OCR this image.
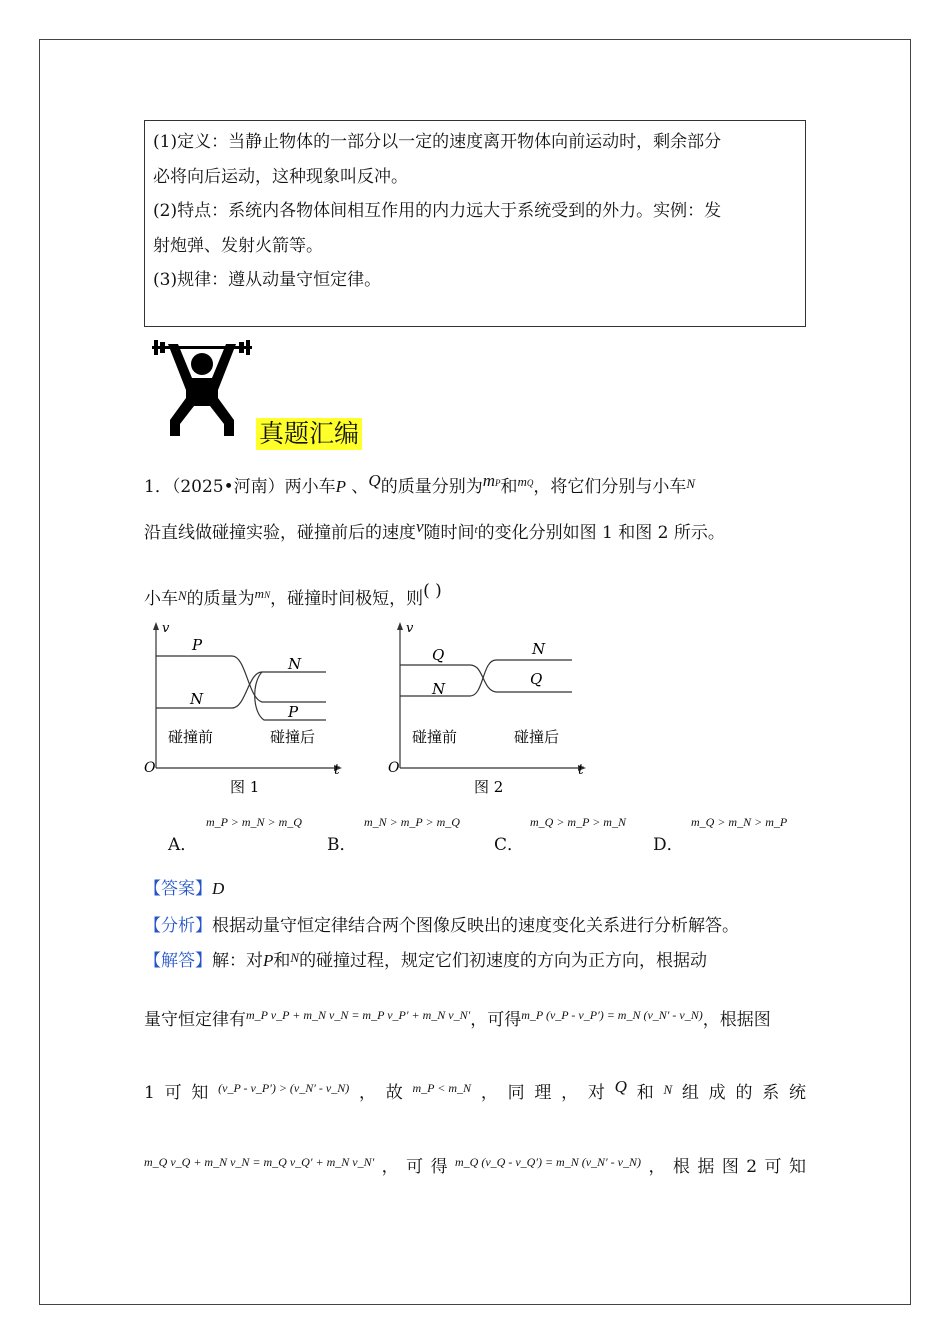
(1)定义：当静止物体的一部分以一定的速度离开物体向前运动时，剩余部分

必将向后运动，这种现象叫反冲。

(2)特点：系统内各物体间相互作用的内力远大于系统受到的外力。实例：发

射炮弹、发射火箭等。

(3)规律：遵从动量守恒定律。

真题汇编
1．（2025•河南）两小车P 、Q的质量分别为mP和$^{mQ}$，将它们分别与小车$^N$
沿直线做碰撞实验，碰撞前后的速度v随时间$^t$的变化分别如图 1 和图 2 所示。
小车$^N$的质量为$^{mN}$，碰撞时间极短，则( )
v
t
O
P
N
N
P
碰撞前	碰撞后
图 1
v
t
O
Q
N
N
Q
碰撞前	碰撞后
图 2
A．
m_P > m_N > m_Q
B．
m_N > m_P > m_Q
C．
m_Q > m_P > m_N
D．
m_Q > m_N > m_P
【答案】D
【分析】根据动量守恒定律结合两个图像反映出的速度变化关系进行分析解答。
【解答】解：对P和$^N$的碰撞过程，规定它们初速度的方向为正方向，根据动
量守恒定律有$^{m\_P v\_P + m\_N v\_N = m\_P v\_P' + m\_N v\_N'}$，可得$^{m\_P (v\_P - v\_P') = m\_N (v\_N' - v\_N)}$，根据图
1 可 知 (v_P - v_P′) > (v_N′ - v_N) ， 故 m_P < m_N ， 同 理 ， 对 Q 和 N 组 成 的 系 统
m_Q v_Q + m_N v_N = m_Q v_Q′ + m_N v_N′ ， 可 得 m_Q (v_Q - v_Q′) = m_N (v_N′ - v_N) ， 根 据 图 2 可 知
